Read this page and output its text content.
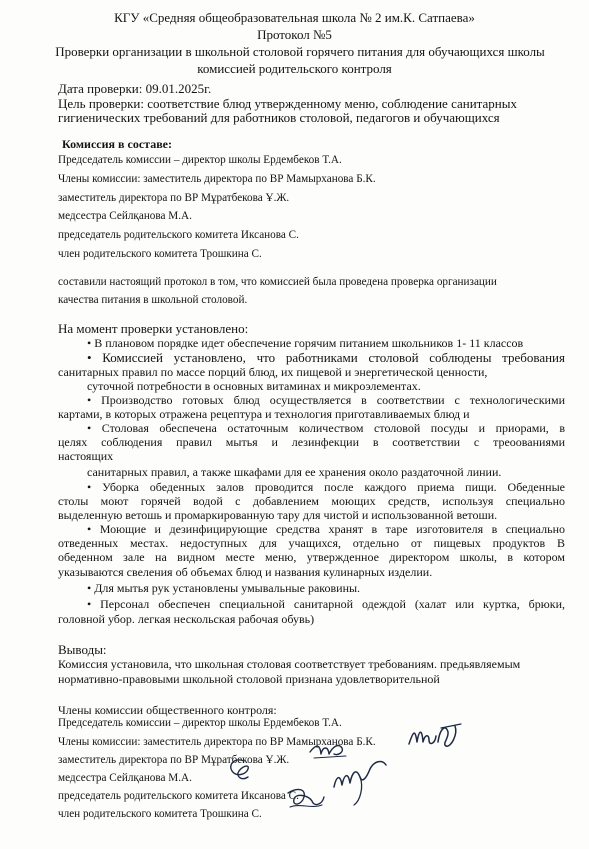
КГУ «Средняя общеобразовательная школа № 2 им.К. Сатпаева»
Протокол №5
Проверки организации в школьной столовой горячего питания для обучающихся школы
комиссией родительского контроля
Дата проверки: 09.01.2025г.
Цель проверки: соответствие блюд утвержденному меню, соблюдение санитарных
гигиенических требований для работников столовой, педагогов и обучающихся
Комиссия в составе:
Председатель комиссии – директор школы Ердембеков Т.А.
Члены комиссии: заместитель директора по ВР Мамырханова Б.К.
заместитель директора по ВР Мұратбекова Ұ.Ж.
медсестра Сейлқанова М.А.
председатель родительского комитета Иксанова С.
член родительского комитета Трошкина С.
составили настоящий протокол в том, что комиссией была проведена проверка организации
качества питания в школьной столовой.
На момент проверки установлено:
• В плановом порядке идет обеспечение горячим питанием школьников 1- 11 классов
• Комиссией установлено, что работниками столовой соблюдены требования
санитарных правил по массе порций блюд, их пищевой и энергетической ценности,
суточной потребности в основных витаминах и микроэлементах.
• Производство готовых блюд осуществляется в соответствии с технологическими
картами, в которых отражена рецептура и технология приготавливаемых блюд и
• Столовая обеспечена остаточным количеством столовой посуды и приорами, в
целях соблюдения правил мытья и лезинфекции в соответствии с треоованиями
настоящих
санитарных правил, а также шкафами для ее хранения около раздаточной линии.
• Уборка обеденных залов проводится после каждого приема пищи. Обеденные
столы моют горячей водой с добавлением моющих средств, используя специально
выделенную ветошь и промаркированную тару для чистой и использованной ветоши.
• Моющие и дезинфицирующие средства хранят в таре изготовителя в специально
отведенных местах. недоступных для учащихся, отдельно от пищевых продуктов В
обеденном зале на видном месте меню, утвержденное директором школы, в котором
указываются свеления об объемах блюд и названия кулинарных изделии.
• Для мытья рук установлены умывальные раковины.
• Персонал обеспечен специальной санитарной одеждой (халат или куртка, брюки,
головной убор. легкая нескольская рабочая обувь)
Выводы:
Комиссия установила, что школьная столовая соответствует требованиям. предьявляемым
нормативно-правовыми школьной столовой признана удовлетворительной
Члены комиссии общественного контроля:
Председатель комиссии – директор школы Ердембеков Т.А.
Члены комиссии: заместитель директора по ВР Мамырханова Б.К.
заместитель директора по ВР Мұратбекова Ұ.Ж.
медсестра Сейлқанова М.А.
председатель родительского комитета Иксанова С.
член родительского комитета Трошкина С.
